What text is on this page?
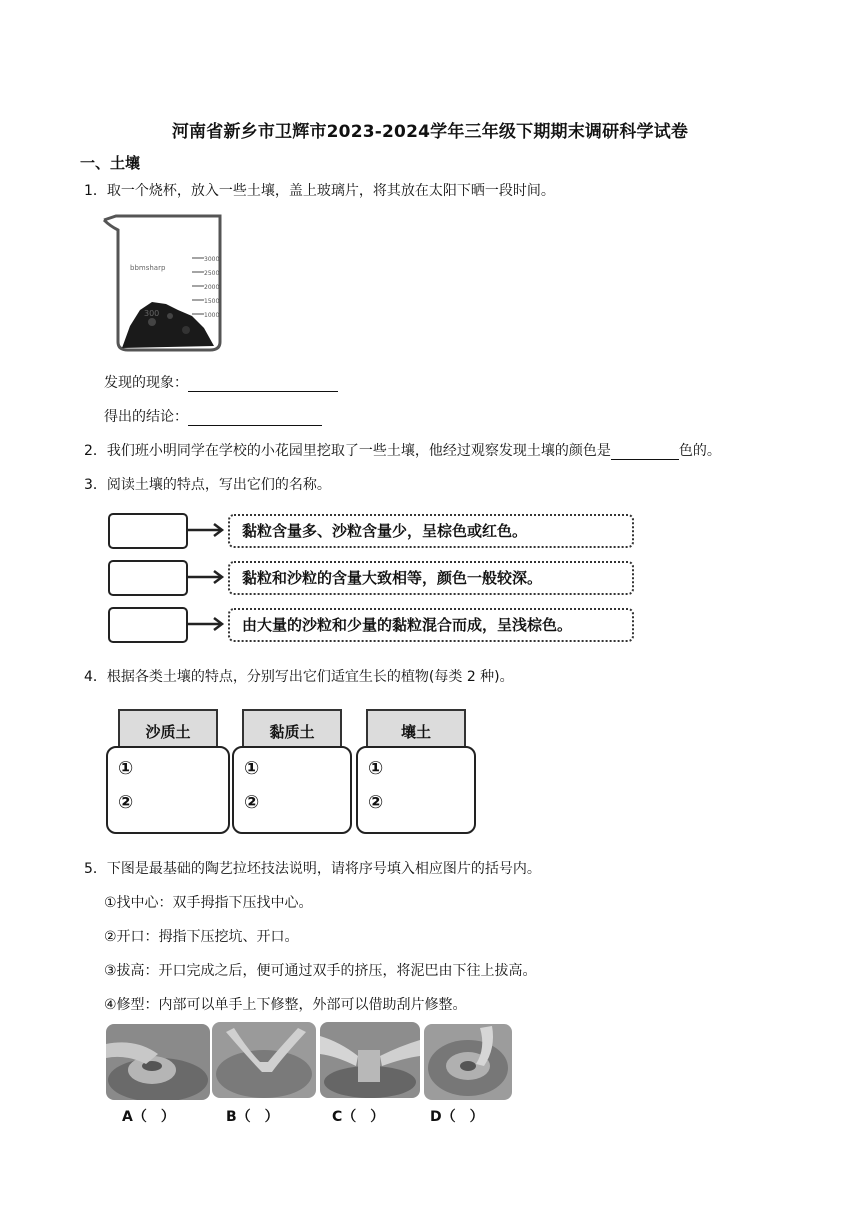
河南省新乡市卫辉市2023-2024学年三年级下期期末调研科学试卷
一、土壤
1．取一个烧杯，放入一些土壤，盖上玻璃片，将其放在太阳下晒一段时间。
3000
2500
2000
1500
1000
bbmsharp
300
发现的现象：
得出的结论：
2．我们班小明同学在学校的小花园里挖取了一些土壤，他经过观察发现土壤的颜色是	色的。
3．阅读土壤的特点，写出它们的名称。
黏粒含量多、沙粒含量少，呈棕色或红色。
黏粒和沙粒的含量大致相等，颜色一般较深。
由大量的沙粒和少量的黏粒混合而成，呈浅棕色。
4．根据各类土壤的特点，分别写出它们适宜生长的植物(每类 2 种)。
沙质土
①
②
黏质土
①
②
壤土
①
②
5．下图是最基础的陶艺拉坯技法说明，请将序号填入相应图片的括号内。
①找中心：双手拇指下压找中心。
②开口：拇指下压挖坑、开口。
③拔高：开口完成之后，便可通过双手的挤压，将泥巴由下往上拔高。
④修型：内部可以单手上下修整，外部可以借助刮片修整。
A（　）	B（　）	C（　）	D（　）
